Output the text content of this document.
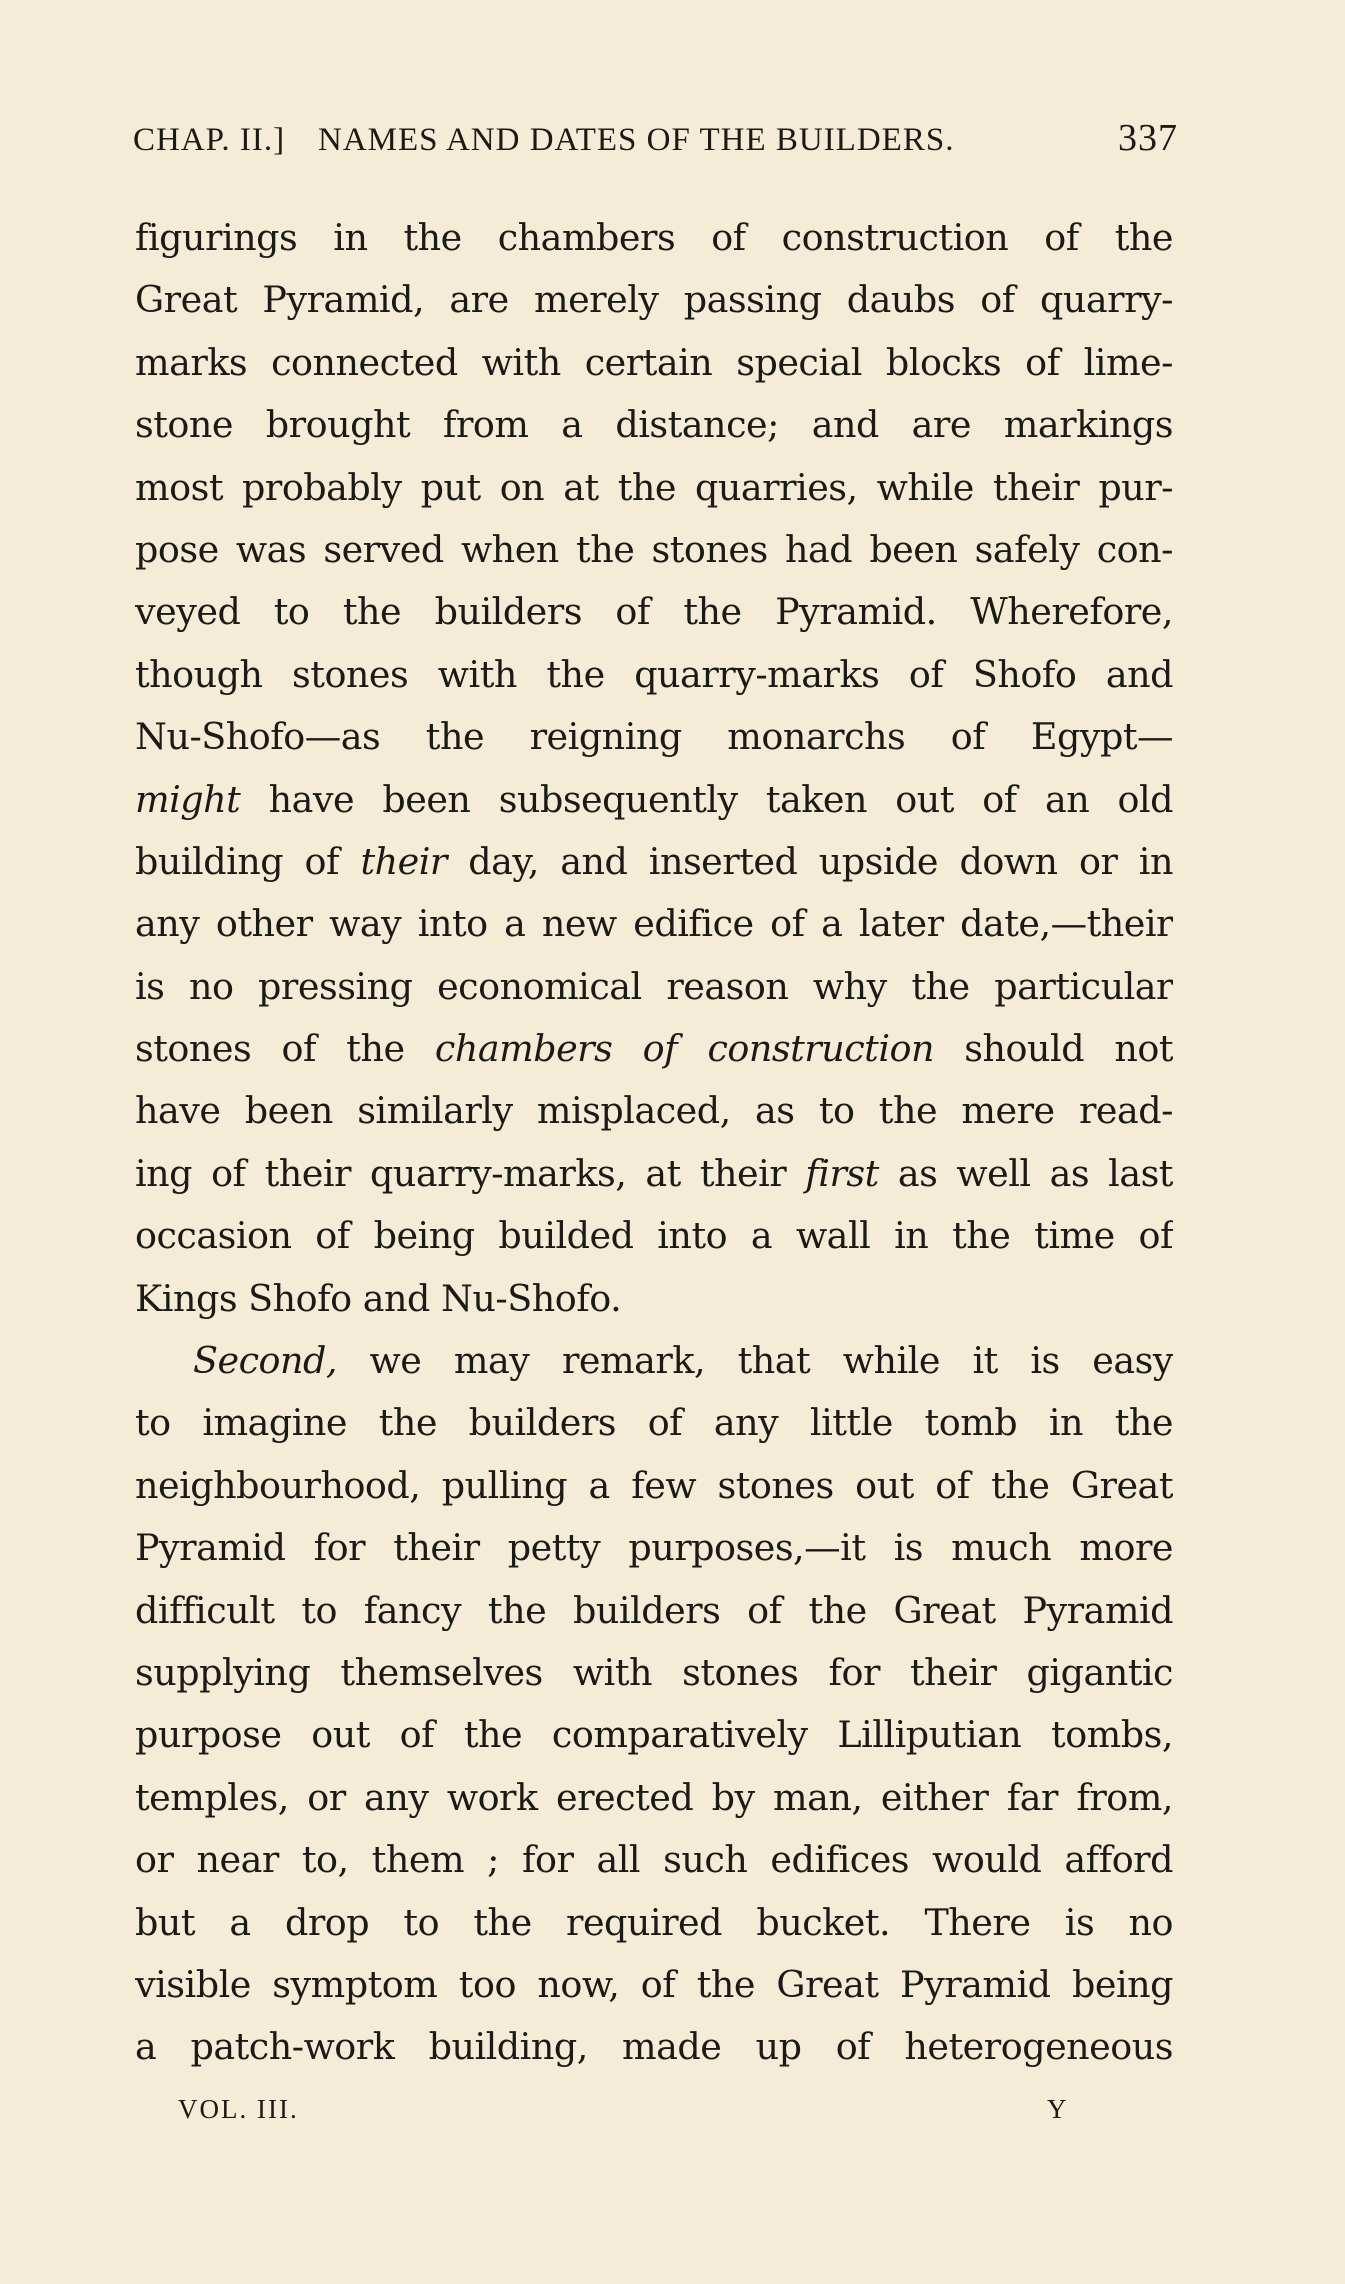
CHAP. II.] NAMES AND DATES OF THE BUILDERS.	337
figurings in the chambers of construction of the
Great Pyramid, are merely passing daubs of quarry-
marks connected with certain special blocks of lime-
stone brought from a distance; and are markings
most probably put on at the quarries, while their pur-
pose was served when the stones had been safely con-
veyed to the builders of the Pyramid. Wherefore,
though stones with the quarry-marks of Shofo and
Nu-Shofo—as the reigning monarchs of Egypt—
might have been subsequently taken out of an old
building of their day, and inserted upside down or in
any other way into a new edifice of a later date,—their
is no pressing economical reason why the particular
stones of the chambers of construction should not
have been similarly misplaced, as to the mere read-
ing of their quarry-marks, at their first as well as last
occasion of being builded into a wall in the time of
Kings Shofo and Nu-Shofo.
Second, we may remark, that while it is easy
to imagine the builders of any little tomb in the
neighbourhood, pulling a few stones out of the Great
Pyramid for their petty purposes,—it is much more
difficult to fancy the builders of the Great Pyramid
supplying themselves with stones for their gigantic
purpose out of the comparatively Lilliputian tombs,
temples, or any work erected by man, either far from,
or near to, them ; for all such edifices would afford
but a drop to the required bucket. There is no
visible symptom too now, of the Great Pyramid being
a patch-work building, made up of heterogeneous
VOL. III.	Y
